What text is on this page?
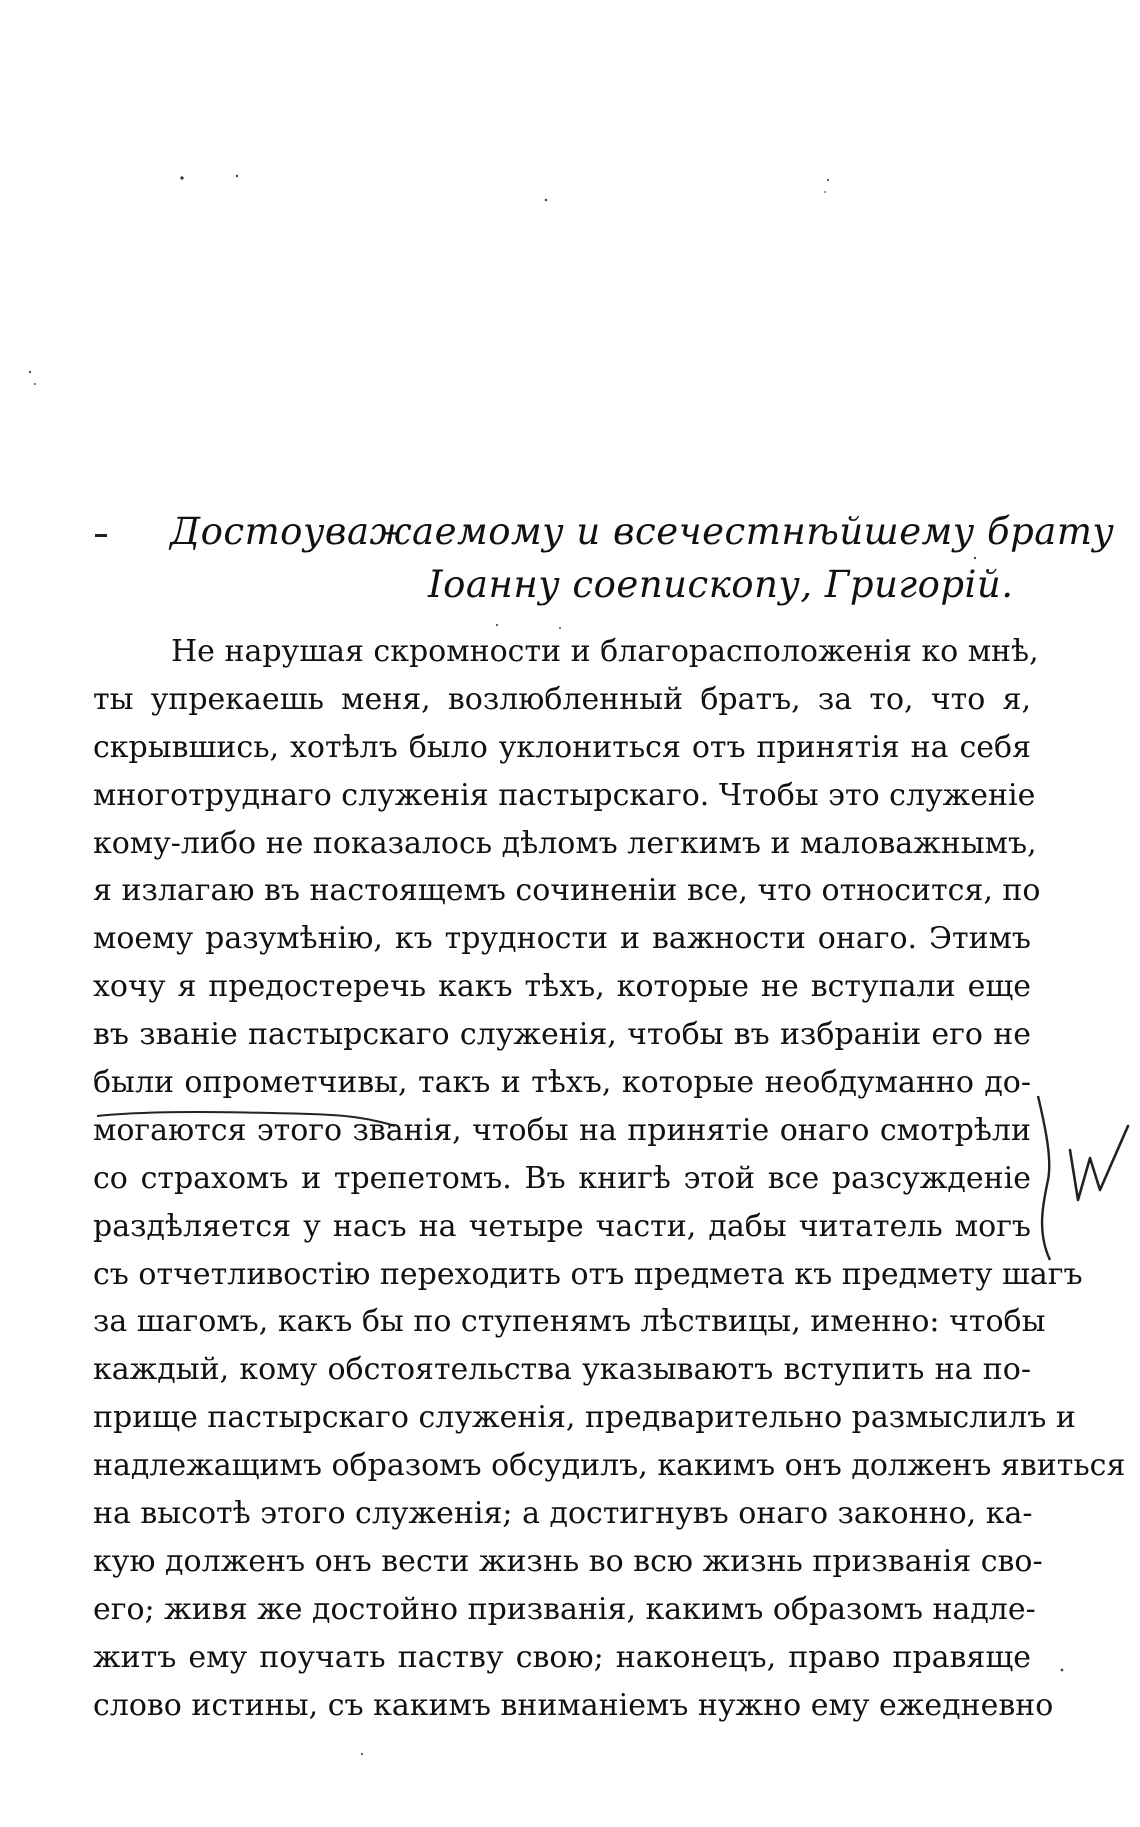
Достоуважаемому и всечестнѣйшему брату
Іоанну соепископу, Григорій.
Не нарушая скромности и благорасположенія ко мнѣ,
ты упрекаешь меня, возлюбленный братъ, за то, что я,
скрывшись, хотѣлъ было уклониться отъ принятія на себя
многотруднаго служенія пастырскаго. Чтобы это служеніе
кому-либо не показалось дѣломъ легкимъ и маловажнымъ,
я излагаю въ настоящемъ сочиненіи все, что относится, по
моему разумѣнію, къ трудности и важности онаго. Этимъ
хочу я предостеречь какъ тѣхъ, которые не вступали еще
въ званіе пастырскаго служенія, чтобы въ избраніи его не
были опрометчивы, такъ и тѣхъ, которые необдуманно до-
могаются этого званія, чтобы на принятіе онаго смотрѣли
со страхомъ и трепетомъ. Въ книгѣ этой все разсужденіе
раздѣляется у насъ на четыре части, дабы читатель могъ
съ отчетливостію переходить отъ предмета къ предмету шагъ
за шагомъ, какъ бы по ступенямъ лѣствицы, именно: чтобы
каждый, кому обстоятельства указываютъ вступить на по-
прище пастырскаго служенія, предварительно размыслилъ и
надлежащимъ образомъ обсудилъ, какимъ онъ долженъ явиться
на высотѣ этого служенія; а достигнувъ онаго законно, ка-
кую долженъ онъ вести жизнь во всю жизнь призванія сво-
его; живя же достойно призванія, какимъ образомъ надле-
житъ ему поучать паству свою; наконецъ, право правяще
слово истины, съ какимъ вниманіемъ нужно ему ежедневно
